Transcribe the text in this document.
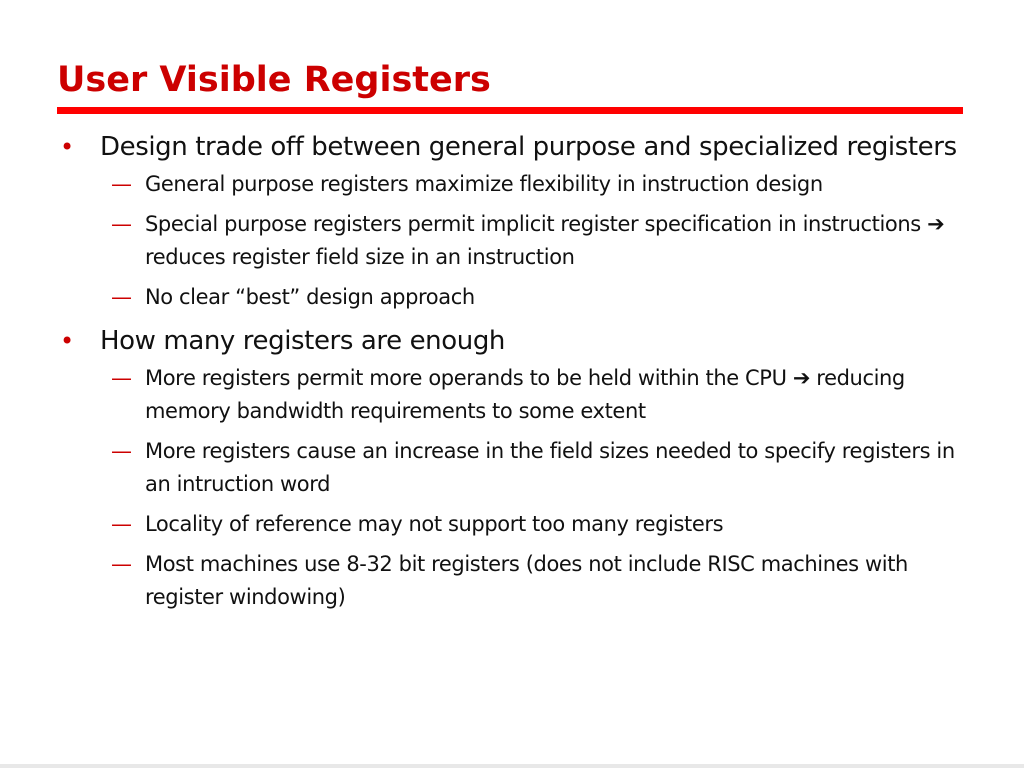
User Visible Registers
• Design trade off between general purpose and specialized registers
— General purpose registers maximize flexibility in instruction design
— Special purpose registers permit implicit register specification in instructions ➔ reduces register field size in an instruction
— No clear “best” design approach
• How many registers are enough
— More registers permit more operands to be held within the CPU ➔ reducing memory bandwidth requirements to some extent
— More registers cause an increase in the field sizes needed to specify registers in an intruction word
— Locality of reference may not support too many registers
— Most machines use 8-32 bit registers (does not include RISC machines with register windowing)
